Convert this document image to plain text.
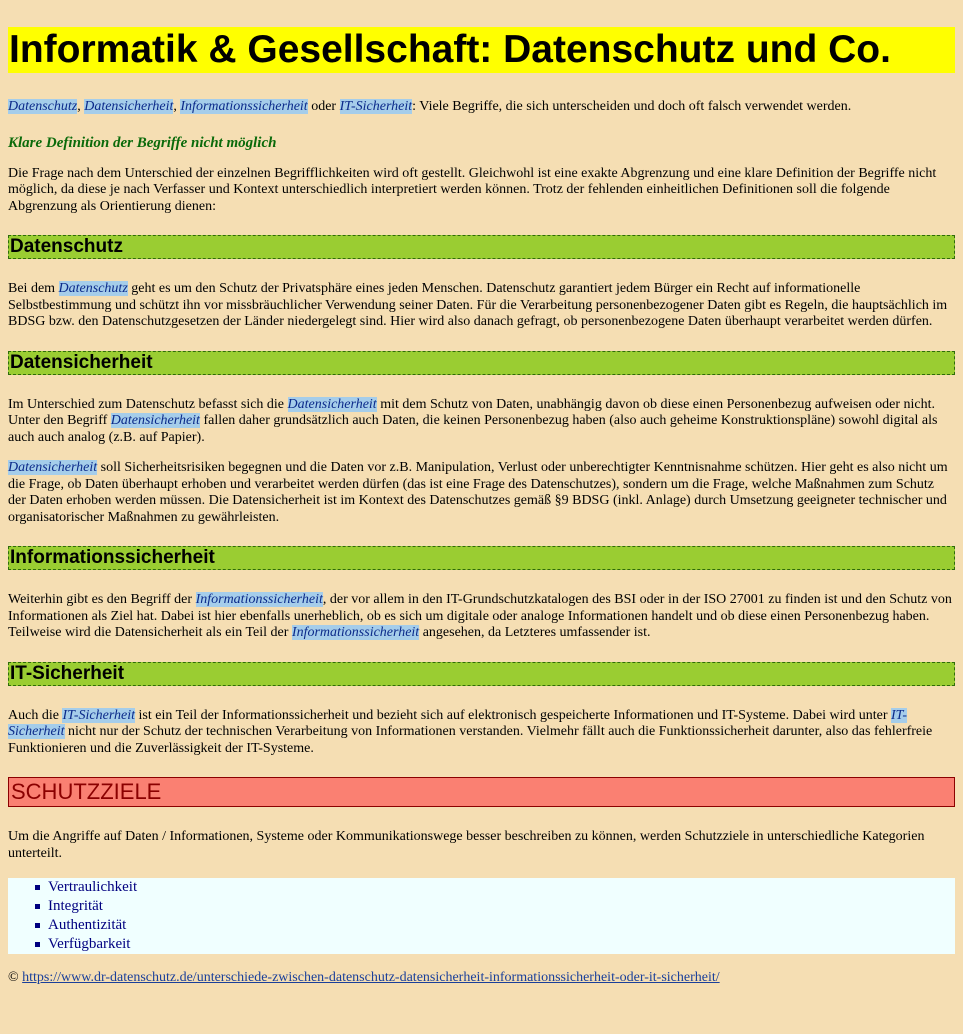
Informatik & Gesellschaft: Datenschutz und Co.

Datenschutz, Datensicherheit, Informationssicherheit oder IT-Sicherheit: Viele Begriffe, die sich unterscheiden und doch oft falsch verwendet werden.

Klare Definition der Begriffe nicht möglich

Die Frage nach dem Unterschied der einzelnen Begrifflichkeiten wird oft gestellt. Gleichwohl ist eine exakte Abgrenzung und eine klare Definition der Begriffe nicht möglich, da diese je nach Verfasser und Kontext unterschiedlich interpretiert werden können. Trotz der fehlenden einheitlichen Definitionen soll die folgende Abgrenzung als Orientierung dienen:

Datenschutz

Bei dem Datenschutz geht es um den Schutz der Privatsphäre eines jeden Menschen. Datenschutz garantiert jedem Bürger ein Recht auf informationelle Selbstbestimmung und schützt ihn vor missbräuchlicher Verwendung seiner Daten. Für die Verarbeitung personenbezogener Daten gibt es Regeln, die hauptsächlich im BDSG bzw. den Datenschutzgesetzen der Länder niedergelegt sind. Hier wird also danach gefragt, ob personenbezogene Daten überhaupt verarbeitet werden dürfen.

Datensicherheit

Im Unterschied zum Datenschutz befasst sich die Datensicherheit mit dem Schutz von Daten, unabhängig davon ob diese einen Personenbezug aufweisen oder nicht. Unter den Begriff Datensicherheit fallen daher grundsätzlich auch Daten, die keinen Personenbezug haben (also auch geheime Konstruktionspläne) sowohl digital als auch auch analog (z.B. auf Papier).

Datensicherheit soll Sicherheitsrisiken begegnen und die Daten vor z.B. Manipulation, Verlust oder unberechtigter Kenntnisnahme schützen. Hier geht es also nicht um die Frage, ob Daten überhaupt erhoben und verarbeitet werden dürfen (das ist eine Frage des Datenschutzes), sondern um die Frage, welche Maßnahmen zum Schutz der Daten erhoben werden müssen. Die Datensicherheit ist im Kontext des Datenschutzes gemäß §9 BDSG (inkl. Anlage) durch Umsetzung geeigneter technischer und organisatorischer Maßnahmen zu gewährleisten.

Informationssicherheit

Weiterhin gibt es den Begriff der Informationssicherheit, der vor allem in den IT-Grundschutzkatalogen des BSI oder in der ISO 27001 zu finden ist und den Schutz von Informationen als Ziel hat. Dabei ist hier ebenfalls unerheblich, ob es sich um digitale oder analoge Informationen handelt und ob diese einen Personenbezug haben. Teilweise wird die Datensicherheit als ein Teil der Informationssicherheit angesehen, da Letzteres umfassender ist.

IT-Sicherheit

Auch die IT-Sicherheit ist ein Teil der Informationssicherheit und bezieht sich auf elektronisch gespeicherte Informationen und IT-Systeme. Dabei wird unter IT-Sicherheit nicht nur der Schutz der technischen Verarbeitung von Informationen verstanden. Vielmehr fällt auch die Funktionssicherheit darunter, also das fehlerfreie Funktionieren und die Zuverlässigkeit der IT-Systeme.

SCHUTZZIELE

Um die Angriffe auf Daten / Informationen, Systeme oder Kommunikationswege besser beschreiben zu können, werden Schutzziele in unterschiedliche Kategorien unterteilt.

Vertraulichkeit
Integrität
Authentizität
Verfügbarkeit

© https://www.dr-datenschutz.de/unterschiede-zwischen-datenschutz-datensicherheit-informationssicherheit-oder-it-sicherheit/
